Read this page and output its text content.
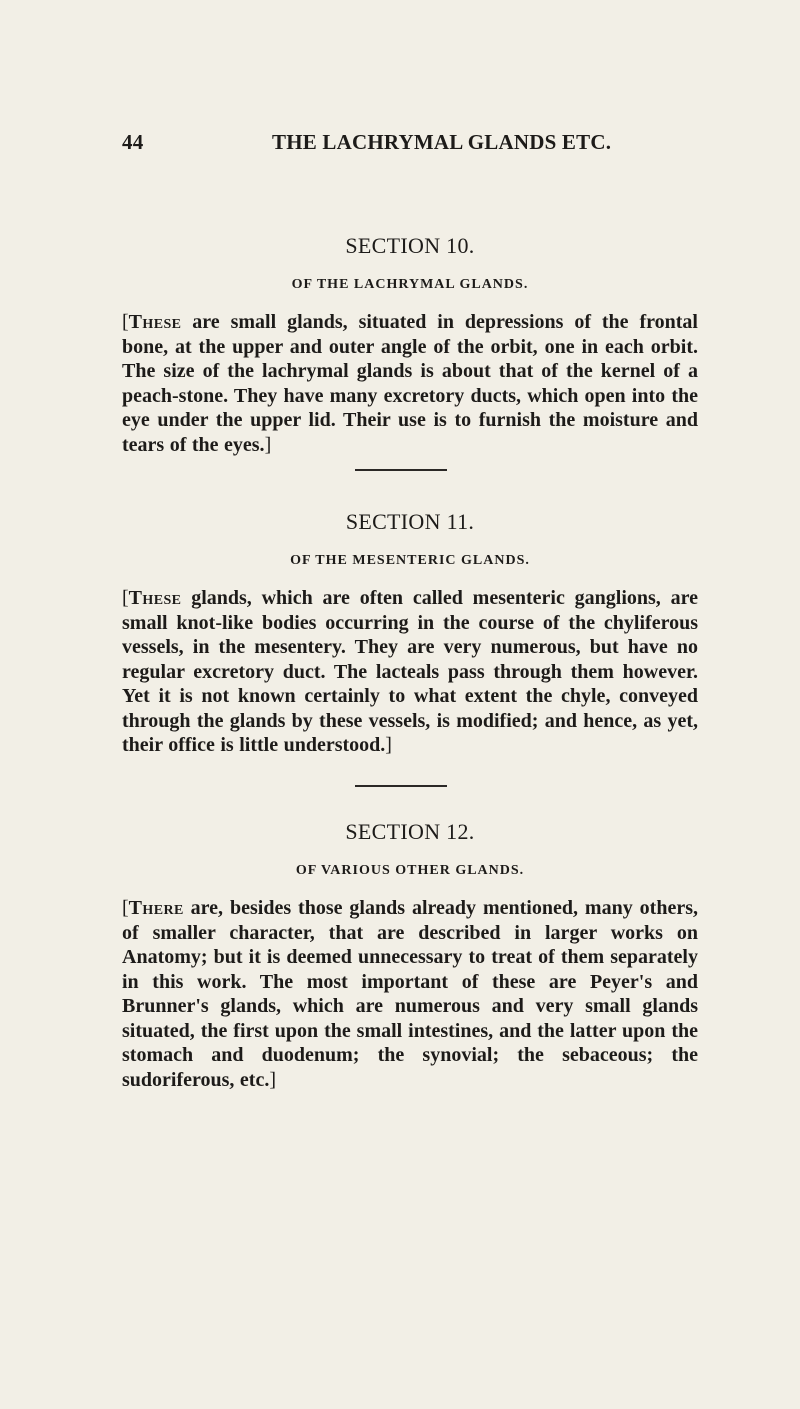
44	THE LACHRYMAL GLANDS ETC.
SECTION 10.
OF THE LACHRYMAL GLANDS.

[These are small glands, situated in depressions of the frontal bone, at the upper and outer angle of the orbit, one in each orbit. The size of the lachrymal glands is about that of the kernel of a peach-stone. They have many excretory ducts, which open into the eye under the upper lid. Their use is to furnish the moisture and tears of the eyes.]

SECTION 11.
OF THE MESENTERIC GLANDS.

[These glands, which are often called mesenteric ganglions, are small knot-like bodies occurring in the course of the chyliferous vessels, in the mesentery. They are very numerous, but have no regular excretory duct. The lacteals pass through them however. Yet it is not known certainly to what extent the chyle, conveyed through the glands by these vessels, is modified; and hence, as yet, their office is little understood.]

SECTION 12.
OF VARIOUS OTHER GLANDS.

[There are, besides those glands already mentioned, many others, of smaller character, that are described in larger works on Anatomy; but it is deemed unnecessary to treat of them separately in this work. The most important of these are Peyer's and Brunner's glands, which are numerous and very small glands situated, the first upon the small intestines, and the latter upon the stomach and duodenum; the synovial; the sebaceous; the sudoriferous, etc.]
